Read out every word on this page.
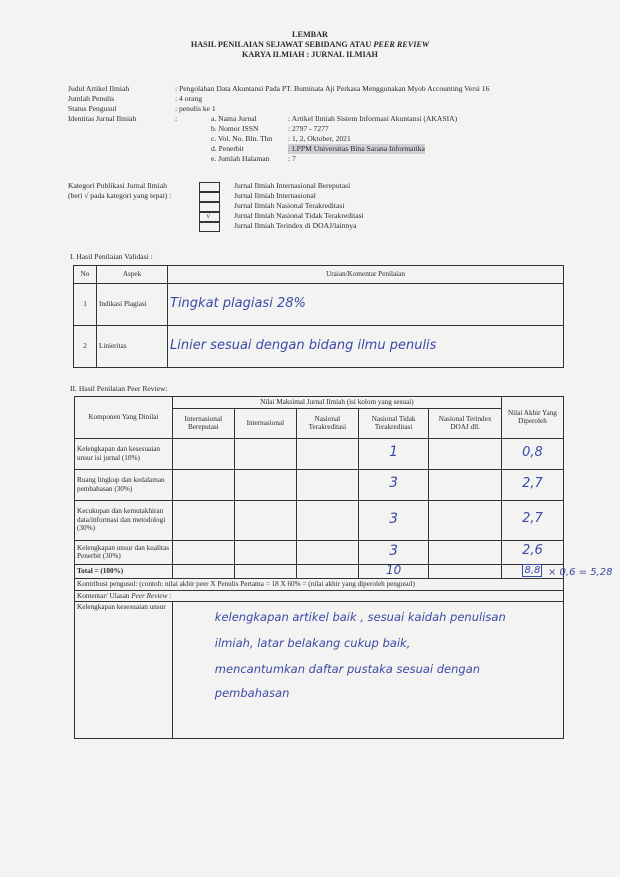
LEMBAR
HASIL PENILAIAN SEJAWAT SEBIDANG ATAU PEER REVIEW
KARYA ILMIAH : JURNAL ILMIAH
Judul Artikel Ilmiah	: Pengolahan Data Akuntansi Pada PT. Buminata Aji Perkasa Menggunakan Myob Accounting Versi 16
Jumlah Penulis	: 4 orang
Status Pengusul	: penulis ke 1
Identitas Jurnal Ilmiah	:	a. Nama Jurnal	: Artikel Ilmiah Sistem Informasi Akuntansi (AKASIA)
b. Nomor ISSN	: 2797 - 7277
c. Vol. No. Bln. Thn : 1, 2, Oktober, 2021
d. Penerbit	: LPPM Universitas Bina Sarana Informatika
e. Jumlah Halaman : 7
Kategori Publikasi Jurnal Ilmiah
(beri √ pada kategori yang tepat) :
√
Jurnal Ilmiah Internasional Bereputasi
Jurnal Ilmiah Internasional
Jurnal Ilmiah Nasional Terakreditasi
Jurnal Ilmiah Nasional Tidak Terakreditasi
Jurnal Ilmiah Terindex di DOAJ/lainnya
I. Hasil Penilaian Validasi :
No	Aspek	Uraian/Komentar Penilaian
1	Indikasi Plagiasi	Tingkat plagiasi 28%
2	Linieritas	Linier sesuai dengan bidang ilmu penulis
II. Hasil Penilaian Peer Review:
Komponen Yang Dinilai	Nilai Maksimal Jurnal Ilmiah (isi kolom yang sesuai)					Nilai Akhir Yang Diperoleh
	Internasional Bereputasi	Internasional	Nasional Terakreditasi	Nasional Tidak Terakreditasi	Nasional Terindex DOAJ dll.	
Kelengkapan dan kesesuaian unsur isi jurnal (10%)				1		0,8
Ruang lingkup dan kedalaman pembahasan (30%)				3		2,7
Kecukupan dan kemutakhiran data/informasi dan metodologi (30%)				3		2,7
Kelengkapan unsur dan kualitas Penerbit (30%)				3		2,6
Total = (100%)				10		8,8
Kontribusi pengusul: (contoh: nilai akhir peer X Penulis Pertama = 18 X 60% = (nilai akhir yang diperoleh pengusul)						
Komentar/ Ulasan Peer Review :						
Kelengkapan kesesuaian unsur	kelengkapan artikel baik , sesuai kaidah penulisan
ilmiah, latar belakang cukup baik,
mencantumkan daftar pustaka sesuai dengan
pembahasan					
× 0,6 = 5,28
